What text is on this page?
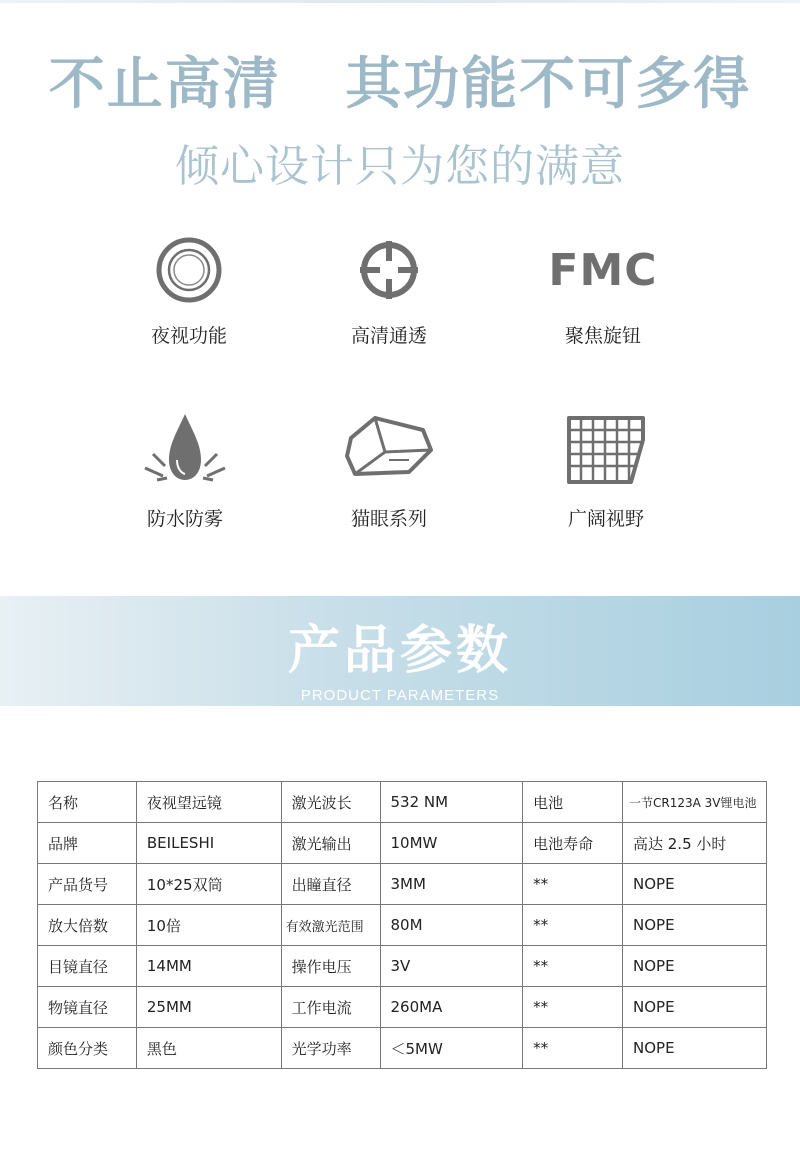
不止高清   其功能不可多得
倾心设计只为您的满意
夜视功能	高清通透
FMC
聚焦旋钮
防水防雾	猫眼系列	广阔视野
产品参数
PRODUCT PARAMETERS
名称	夜视望远镜	激光波长	532 NM	电池	一节CR123A 3V锂电池
品牌	BEILESHI	激光输出	10MW	电池寿命	高达 2.5 小时
产品货号	10*25双筒	出瞳直径	3MM	**	NOPE
放大倍数	10倍	有效激光范围	80M	**	NOPE
目镜直径	14MM	操作电压	3V	**	NOPE
物镜直径	25MM	工作电流	260MA	**	NOPE
颜色分类	黑色	光学功率	＜5MW	**	NOPE
